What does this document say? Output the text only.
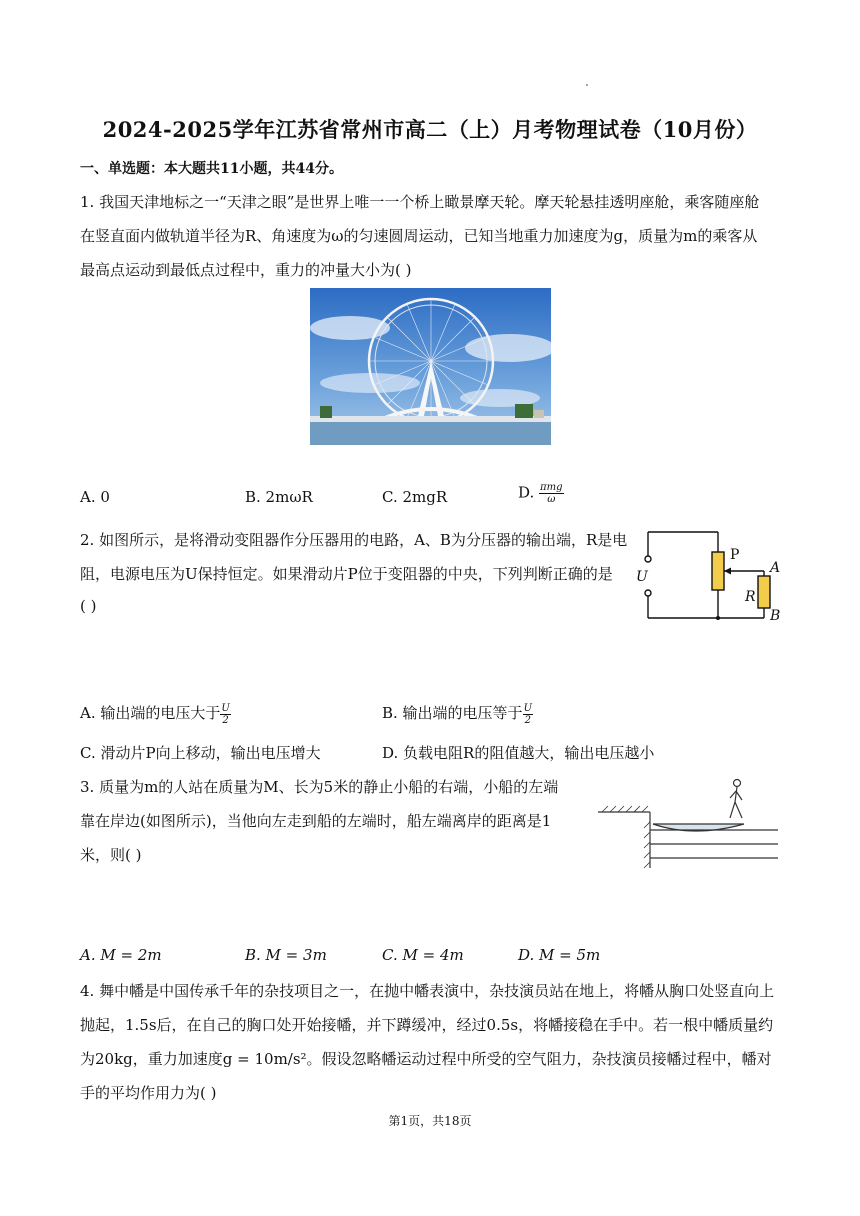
2024-2025学年江苏省常州市高二（上）月考物理试卷（10月份）
一、单选题：本大题共11小题，共44分。
1. 我国天津地标之一“天津之眼”是世界上唯一一个桥上瞰景摩天轮。摩天轮悬挂透明座舱，乘客随座舱
在竖直面内做轨道半径为R、角速度为ω的匀速圆周运动，已知当地重力加速度为g，质量为m的乘客从
最高点运动到最低点过程中，重力的冲量大小为( )
A. 0	B. 2mωR	C. 2mgR	D. $\frac{\text{πmg}}{\omega}$
2. 如图所示，是将滑动变阻器作分压器用的电路，A、B为分压器的输出端，R是电
阻，电源电压为U保持恒定。如果滑动片P位于变阻器的中央，下列判断正确的是
( )
U
P
R
A
B
A. 输出端的电压大于 $\frac{U}{2}$	B. 输出端的电压等于 $\frac{U}{2}$
C. 滑动片P向上移动，输出电压增大	D. 负载电阻R的阻值越大，输出电压越小
3. 质量为m的人站在质量为M、长为5米的静止小船的右端，小船的左端
靠在岸边(如图所示)，当他向左走到船的左端时，船左端离岸的距离是1
米，则( )
A. M = 2m	B. M = 3m	C. M = 4m	D. M = 5m
4. 舞中幡是中国传承千年的杂技项目之一，在抛中幡表演中，杂技演员站在地上，将幡从胸口处竖直向上
抛起，1.5s后，在自己的胸口处开始接幡，并下蹲缓冲，经过0.5s，将幡接稳在手中。若一根中幡质量约
为20kg，重力加速度g = 10m/s²。假设忽略幡运动过程中所受的空气阻力，杂技演员接幡过程中，幡对
手的平均作用力为( )
第1页，共18页
